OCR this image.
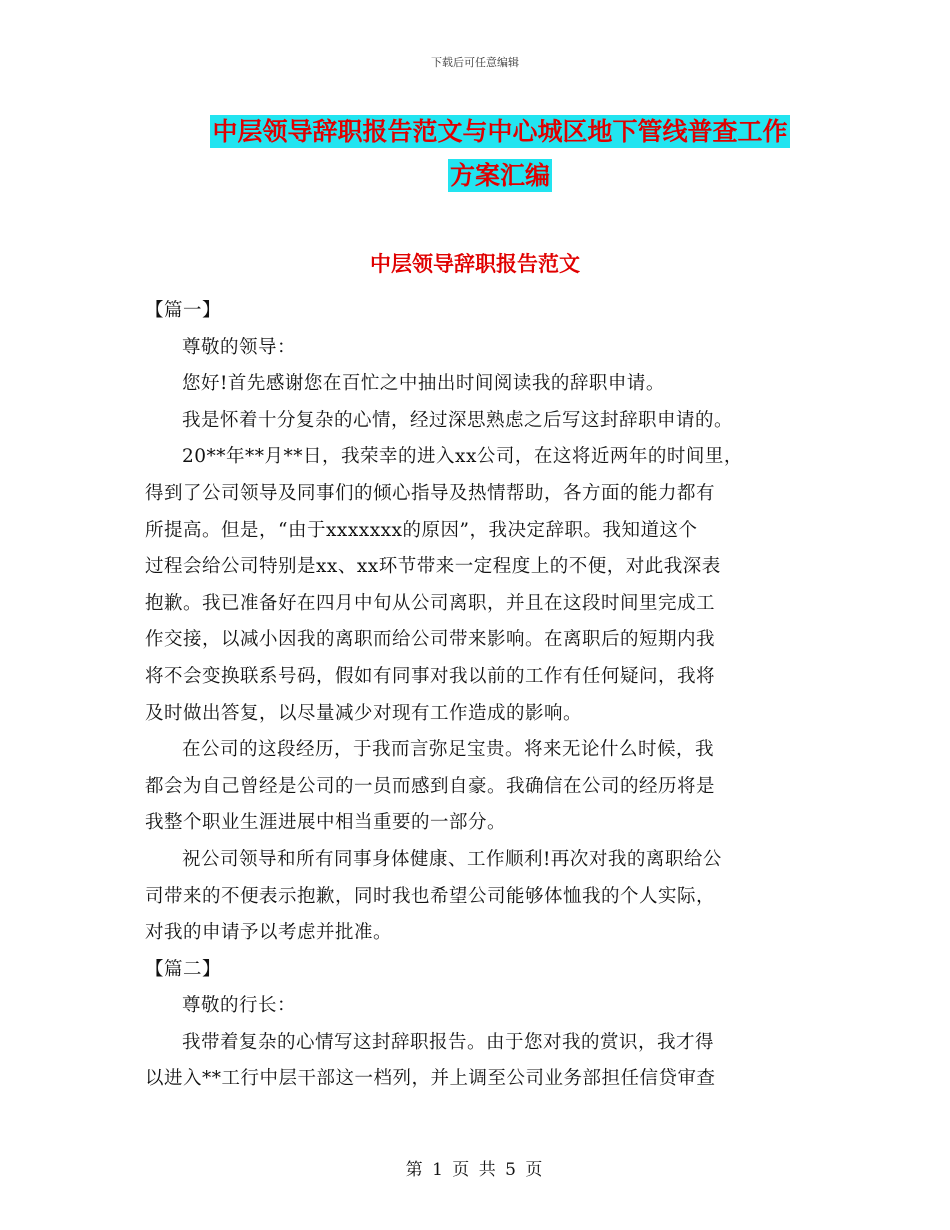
下载后可任意编辑
中层领导辞职报告范文与中心城区地下管线普查工作
方案汇编
中层领导辞职报告范文
【篇一】
尊敬的领导：
您好!首先感谢您在百忙之中抽出时间阅读我的辞职申请。
我是怀着十分复杂的心情，经过深思熟虑之后写这封辞职申请的。
20**年**月**日，我荣幸的进入xx公司，在这将近两年的时间里，
得到了公司领导及同事们的倾心指导及热情帮助，各方面的能力都有
所提高。但是，“由于xxxxxxx的原因”，我决定辞职。我知道这个
过程会给公司特别是xx、xx环节带来一定程度上的不便，对此我深表
抱歉。我已准备好在四月中旬从公司离职，并且在这段时间里完成工
作交接，以减小因我的离职而给公司带来影响。在离职后的短期内我
将不会变换联系号码，假如有同事对我以前的工作有任何疑问，我将
及时做出答复，以尽量减少对现有工作造成的影响。
在公司的这段经历，于我而言弥足宝贵。将来无论什么时候，我
都会为自己曾经是公司的一员而感到自豪。我确信在公司的经历将是
我整个职业生涯进展中相当重要的一部分。
祝公司领导和所有同事身体健康、工作顺利!再次对我的离职给公
司带来的不便表示抱歉，同时我也希望公司能够体恤我的个人实际，
对我的申请予以考虑并批准。
【篇二】
尊敬的行长：
我带着复杂的心情写这封辞职报告。由于您对我的赏识，我才得
以进入**工行中层干部这一档列，并上调至公司业务部担任信贷审查
第 1 页 共 5 页
